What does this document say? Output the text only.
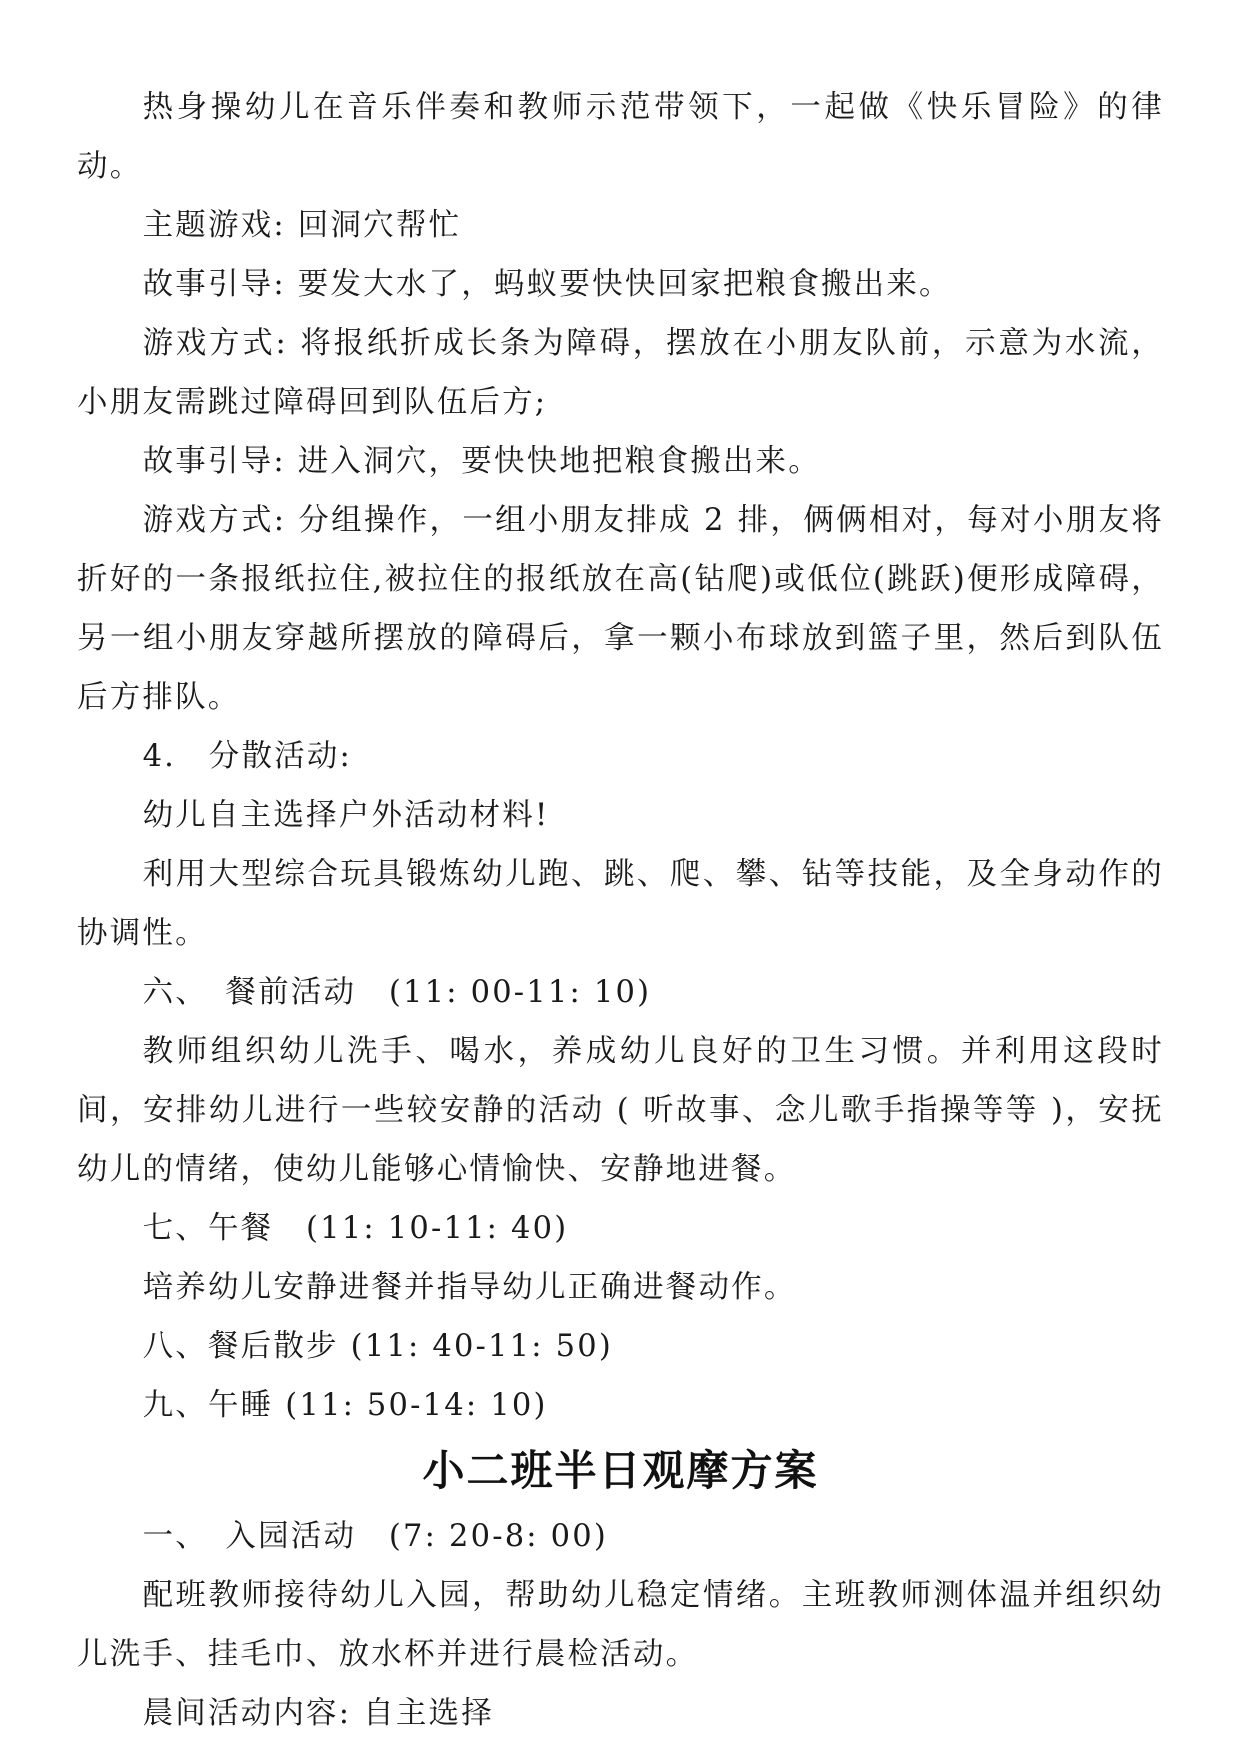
热身操幼儿在音乐伴奏和教师示范带领下，一起做《快乐冒险》的律动。

主题游戏: 回洞穴帮忙

故事引导: 要发大水了，蚂蚁要快快回家把粮食搬出来。

游戏方式: 将报纸折成长条为障碍，摆放在小朋友队前，示意为水流，小朋友需跳过障碍回到队伍后方;

故事引导: 进入洞穴，要快快地把粮食搬出来。

游戏方式: 分组操作，一组小朋友排成 2 排，俩俩相对，每对小朋友将折好的一条报纸拉住,被拉住的报纸放在高(钻爬)或低位(跳跃)便形成障碍，另一组小朋友穿越所摆放的障碍后，拿一颗小布球放到篮子里，然后到队伍后方排队。

4.　分散活动:

幼儿自主选择户外活动材料!

利用大型综合玩具锻炼幼儿跑、跳、爬、攀、钻等技能，及全身动作的协调性。

六、　餐前活动　(11: 00-11: 10)

教师组织幼儿洗手、喝水，养成幼儿良好的卫生习惯。并利用这段时间，安排幼儿进行一些较安静的活动 ( 听故事、念儿歌手指操等等 )，安抚幼儿的情绪，使幼儿能够心情愉快、安静地进餐。

七、午餐　(11: 10-11: 40)

培养幼儿安静进餐并指导幼儿正确进餐动作。

八、餐后散步 (11: 40-11: 50)

九、午睡 (11: 50-14: 10)

小二班半日观摩方案

一、　入园活动　(7: 20-8: 00)

配班教师接待幼儿入园，帮助幼儿稳定情绪。主班教师测体温并组织幼儿洗手、挂毛巾、放水杯并进行晨检活动。

晨间活动内容: 自主选择
